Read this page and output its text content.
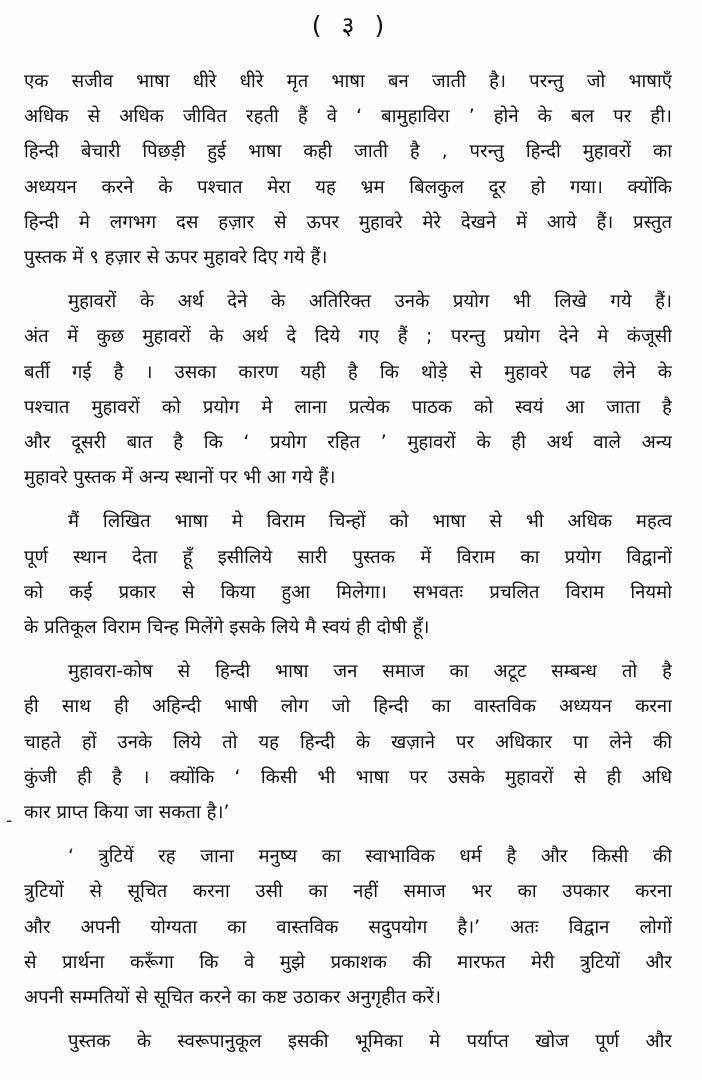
( ३ )
-
एक सजीव भाषा धीरे धीरे मृत भाषा बन जाती है। परन्तु जो भाषाएँ
अधिक से अधिक जीवित रहती हैं वे ‘ बामुहाविरा ’ होने के बल पर ही।
हिन्दी बेचारी पिछड़ी हुई भाषा कही जाती है , परन्तु हिन्दी मुहावरों का
अध्ययन करने के पश्चात मेरा यह भ्रम बिलकुल दूर हो गया। क्योंकि
हिन्दी मे लगभग दस हज़ार से ऊपर मुहावरे मेरे देखने में आये हैं। प्रस्तुत
पुस्तक में ९ हज़ार से ऊपर मुहावरे दिए गये हैं।
मुहावरों के अर्थ देने के अतिरिक्त उनके प्रयोग भी लिखे गये हैं।
अंत में कुछ मुहावरों के अर्थ दे दिये गए हैं ; परन्तु प्रयोग देने मे कंजूसी
बर्ती गई है । उसका कारण यही है कि थोड़े से मुहावरे पढ लेने के
पश्चात मुहावरों को प्रयोग मे लाना प्रत्येक पाठक को स्वयं आ जाता है
और दूसरी बात है कि ‘ प्रयोग रहित ’ मुहावरों के ही अर्थ वाले अन्य
मुहावरे पुस्तक में अन्य स्थानों पर भी आ गये हैं।
मैं लिखित भाषा मे विराम चिन्हों को भाषा से भी अधिक महत्व
पूर्ण स्थान देता हूँ इसीलिये सारी पुस्तक में विराम का प्रयोग विद्वानों
को कई प्रकार से किया हुआ मिलेगा। सभवतः प्रचलित विराम नियमो
के प्रतिकूल विराम चिन्ह मिलेंगे इसके लिये मै स्वयं ही दोषी हूँ।
मुहावरा-कोष से हिन्दी भाषा जन समाज का अटूट सम्बन्ध तो है
ही साथ ही अहिन्दी भाषी लोग जो हिन्दी का वास्तविक अध्ययन करना
चाहते हों उनके लिये तो यह हिन्दी के खज़ाने पर अधिकार पा लेने की
कुंजी ही है । क्योंकि ‘ किसी भी भाषा पर उसके मुहावरों से ही अधि
कार प्राप्त किया जा सकता है।’
‘ त्रुटियें रह जाना मनुष्य का स्वाभाविक धर्म है और किसी की
त्रुटियों से सूचित करना उसी का नहीं समाज भर का उपकार करना
और अपनी योग्यता का वास्तविक सदुपयोग है।’ अतः विद्वान लोगों
से प्रार्थना करूँगा कि वे मुझे प्रकाशक की मारफत मेरी त्रुटियों और
अपनी सम्मतियों से सूचित करने का कष्ट उठाकर अनुगृहीत करें।
पुस्तक के स्वरूपानुकूल इसकी भूमिका मे पर्याप्त खोज पूर्ण और
